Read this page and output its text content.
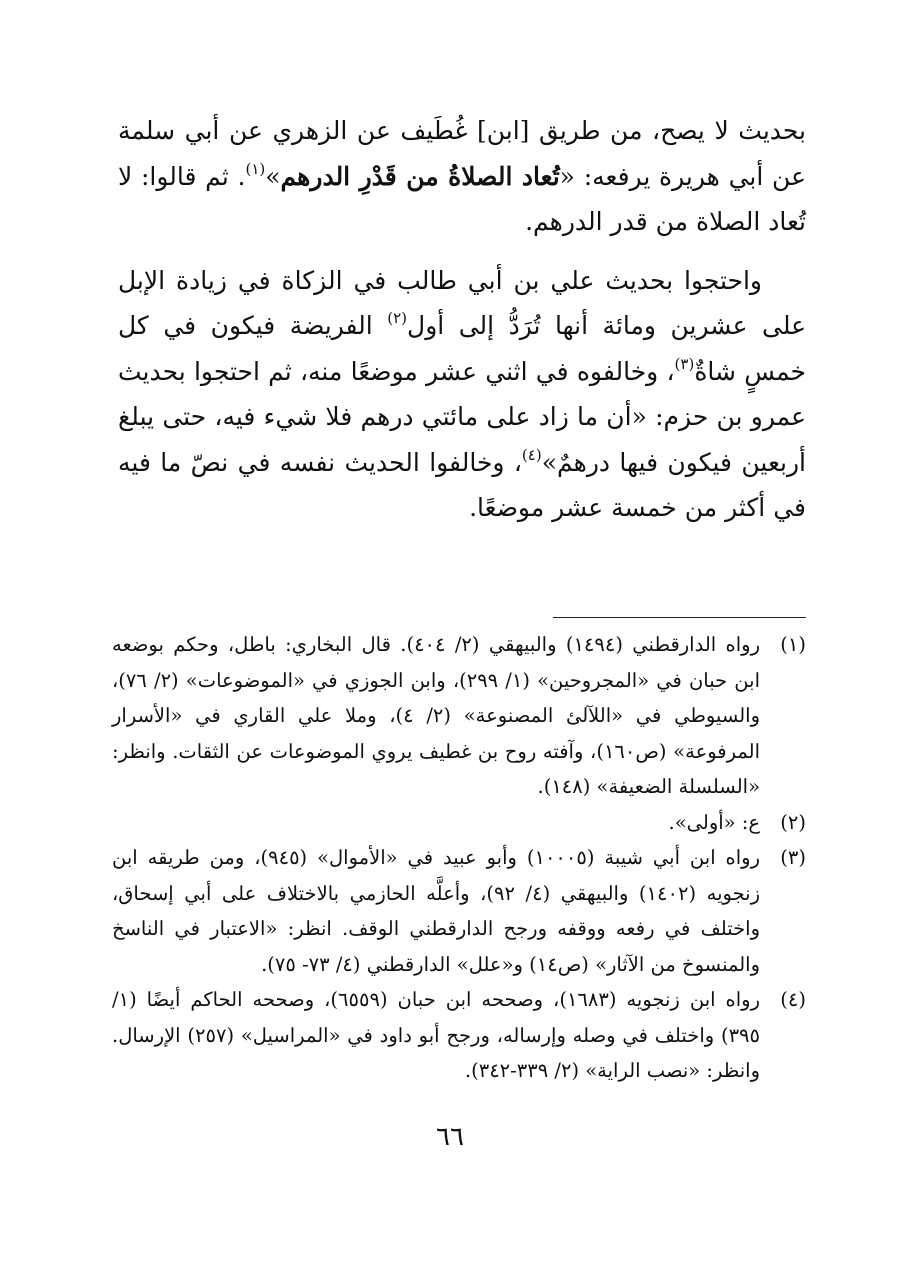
بحديث لا يصح، من طريق [ابن] غُطَيف عن الزهري عن أبي سلمة عن أبي هريرة يرفعه: «تُعاد الصلاةُ من قَدْرِ الدرهم»$^{(١)}$. ثم قالوا: لا تُعاد الصلاة من قدر الدرهم.

واحتجوا بحديث علي بن أبي طالب في الزكاة في زيادة الإبل على عشرين ومائة أنها تُرَدُّ إلى أول$^{(٢)}$ الفريضة فيكون في كل خمسٍ شاةٌ$^{(٣)}$، وخالفوه في اثني عشر موضعًا منه، ثم احتجوا بحديث عمرو بن حزم: «أن ما زاد على مائتي درهم فلا شيء فيه، حتى يبلغ أربعين فيكون فيها درهمٌ»$^{(٤)}$، وخالفوا الحديث نفسه في نصّ ما فيه في أكثر من خمسة عشر موضعًا.

(١)
رواه الدارقطني (١٤٩٤) والبيهقي (٢/ ٤٠٤). قال البخاري: باطل، وحكم بوضعه ابن حبان في «المجروحين» (١/ ٢٩٩)، وابن الجوزي في «الموضوعات» (٢/ ٧٦)، والسيوطي في «اللآلئ المصنوعة» (٢/ ٤)، وملا علي القاري في «الأسرار المرفوعة» (ص١٦٠)، وآفته روح بن غطيف يروي الموضوعات عن الثقات. وانظر: «السلسلة الضعيفة» (١٤٨).
(٢)
ع: «أولى».
(٣)
رواه ابن أبي شيبة (١٠٠٠٥) وأبو عبيد في «الأموال» (٩٤٥)، ومن طريقه ابن زنجويه (١٤٠٢) والبيهقي (٤/ ٩٢)، وأعلَّه الحازمي بالاختلاف على أبي إسحاق، واختلف في رفعه ووقفه ورجح الدارقطني الوقف. انظر: «الاعتبار في الناسخ والمنسوخ من الآثار» (ص١٤) و«علل» الدارقطني (٤/ ٧٣- ٧٥).
(٤)
رواه ابن زنجويه (١٦٨٣)، وصححه ابن حبان (٦٥٥٩)، وصححه الحاكم أيضًا (١/ ٣٩٥) واختلف في وصله وإرساله، ورجح أبو داود في «المراسيل» (٢٥٧) الإرسال. وانظر: «نصب الراية» (٢/ ٣٣٩-٣٤٢).
٦٦
